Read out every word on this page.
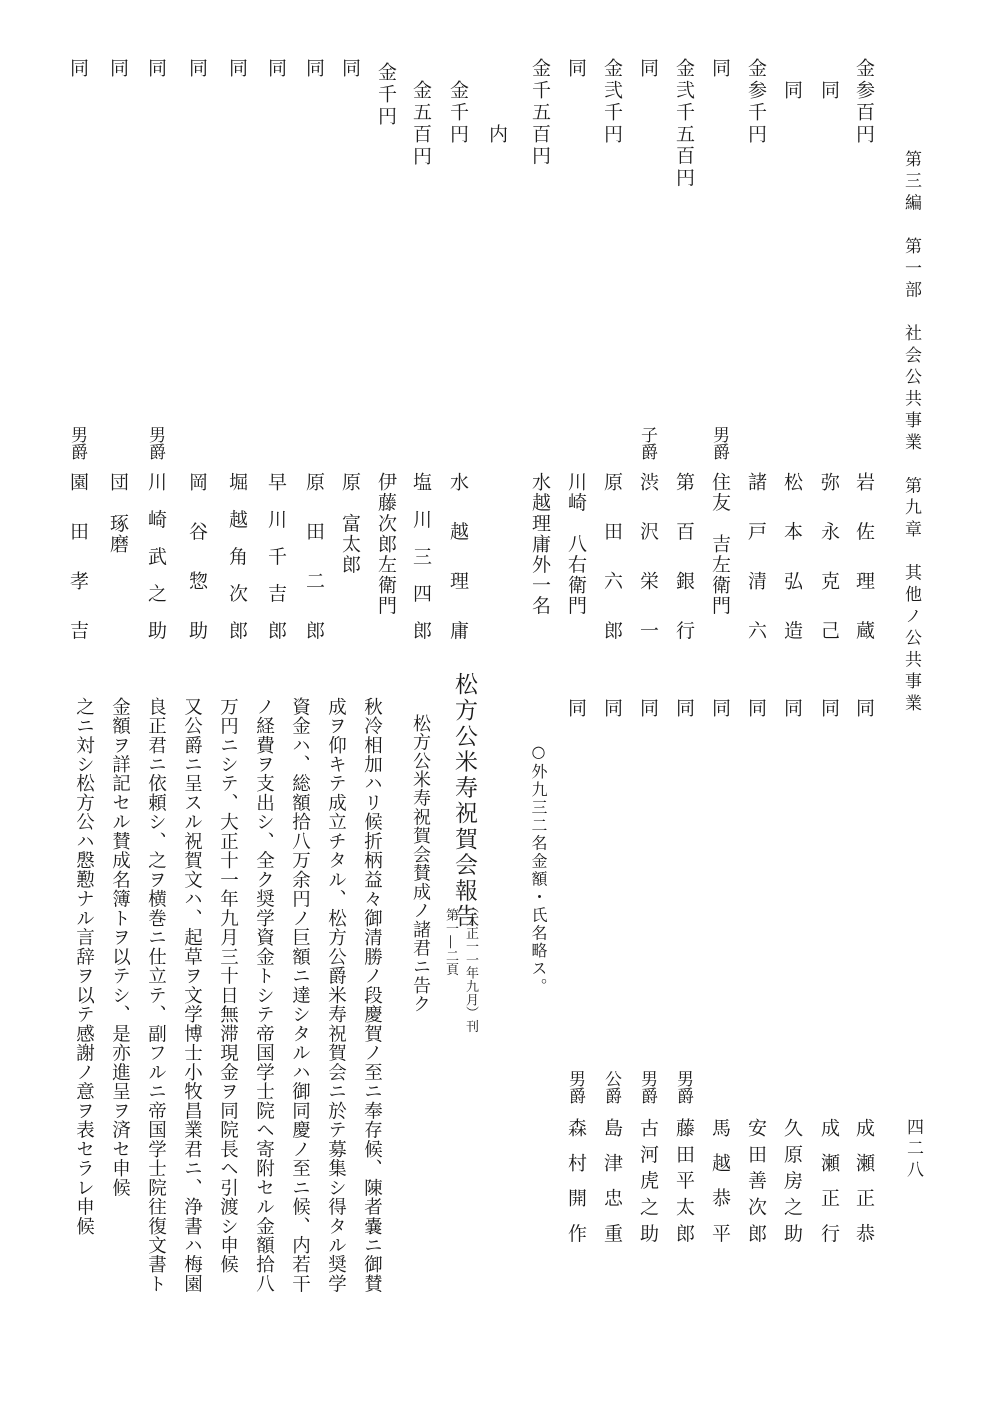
第三編　第一部　社会公共事業　第九章　其他ノ公共事業
四二八
金参百円
岩佐理蔵
同
弥永克己
同
松本弘造
金参千円
諸戸清六
同
男爵
住友　吉左衛門
金弐千五百円
第百銀行
同
子爵
渋沢栄一
金弐千円
原田六郎
同
川崎　八右衛門
金千五百円
水越理庸外一名
内
金千円
水越理庸
金五百円
塩川三四郎
金千円
伊藤次郎左衛門
同
原　富太郎
同
原田二郎
同
早川千吉郎
同
堀越角次郎
同
岡谷惣助
同
男爵
川崎武之助
同
団　琢磨
同
男爵
園田孝吉
同
成瀬正恭
同
成瀬正行
同
久原房之助
同
安田善次郎
同
馬越恭平
同
男爵
藤田平太郎
同
男爵
古河虎之助
同
公爵
島津忠重
同
男爵
森村開作
○外九三二名金額・氏名略ス。
松方公米寿祝賀会報告
第一―二頁 （大正一一年九月）刊
松方公米寿祝賀会賛成ノ諸君ニ告ク
秋冷相加ハリ候折柄益々御清勝ノ段慶賀ノ至ニ奉存候、陳者嚢ニ御賛
成ヲ仰キテ成立チタル、松方公爵米寿祝賀会ニ於テ募集シ得タル奨学
資金ハ、総額拾八万余円ノ巨額ニ達シタルハ御同慶ノ至ニ候、内若干
ノ経費ヲ支出シ、全ク奨学資金トシテ帝国学士院ヘ寄附セル金額拾八
万円ニシテ、大正十一年九月三十日無滞現金ヲ同院長ヘ引渡シ申候
又公爵ニ呈スル祝賀文ハ、起草ヲ文学博士小牧昌業君ニ、浄書ハ梅園
良正君ニ依頼シ、之ヲ横巻ニ仕立テ、副フルニ帝国学士院往復文書ト
金額ヲ詳記セル賛成名簿トヲ以テシ、是亦進呈ヲ済セ申候
之ニ対シ松方公ハ慇懃ナル言辞ヲ以テ感謝ノ意ヲ表セラレ申候
